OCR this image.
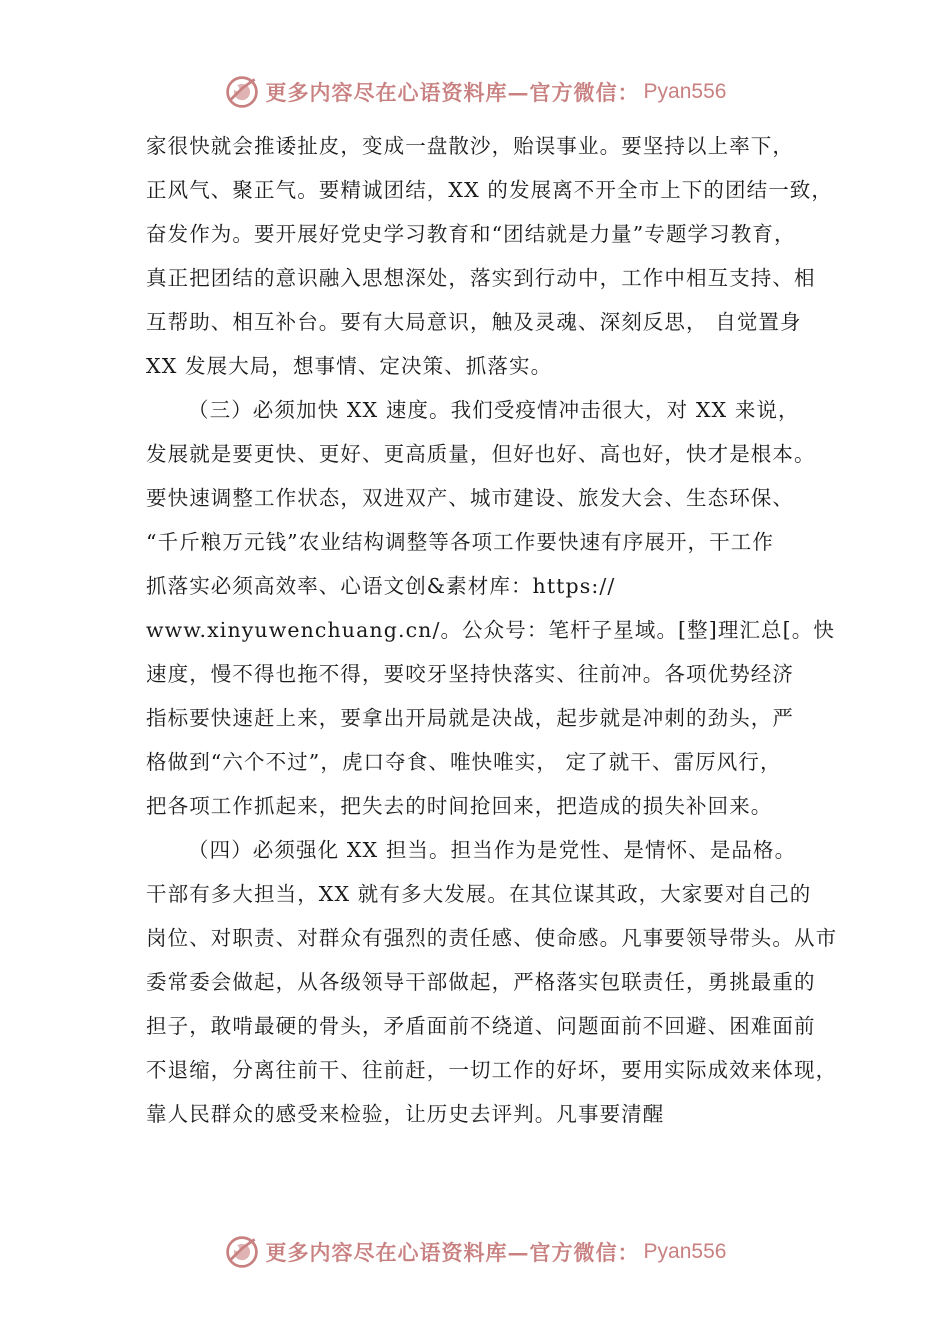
更多内容尽在心语资料库—官方微信： Pyan556
家很快就会推诿扯皮，变成一盘散沙，贻误事业。要坚持以上率下，
正风气、聚正气。要精诚团结，XX 的发展离不开全市上下的团结一致，
奋发作为。要开展好党史学习教育和“团结就是力量”专题学习教育，
真正把团结的意识融入思想深处，落实到行动中，工作中相互支持、相
互帮助、相互补台。要有大局意识，触及灵魂、深刻反思， 自觉置身
XX 发展大局，想事情、定决策、抓落实。
（三）必须加快 XX 速度。我们受疫情冲击很大，对 XX 来说，
发展就是要更快、更好、更高质量，但好也好、高也好，快才是根本。
要快速调整工作状态，双进双产、城市建设、旅发大会、生态环保、
“千斤粮万元钱”农业结构调整等各项工作要快速有序展开，干工作
抓落实必须高效率、心语文创&素材库：https://
www.xinyuwenchuang.cn/。公众号：笔杆子星域。[整]理汇总[。快
速度，慢不得也拖不得，要咬牙坚持快落实、往前冲。各项优势经济
指标要快速赶上来，要拿出开局就是决战，起步就是冲刺的劲头，严
格做到“六个不过”，虎口夺食、唯快唯实， 定了就干、雷厉风行，
把各项工作抓起来，把失去的时间抢回来，把造成的损失补回来。
（四）必须强化 XX 担当。担当作为是党性、是情怀、是品格。
干部有多大担当，XX 就有多大发展。在其位谋其政，大家要对自己的
岗位、对职责、对群众有强烈的责任感、使命感。凡事要领导带头。从市
委常委会做起，从各级领导干部做起，严格落实包联责任，勇挑最重的
担子，敢啃最硬的骨头，矛盾面前不绕道、问题面前不回避、困难面前
不退缩，分离往前干、往前赶，一切工作的好坏，要用实际成效来体现，
靠人民群众的感受来检验，让历史去评判。凡事要清醒
更多内容尽在心语资料库—官方微信： Pyan556
